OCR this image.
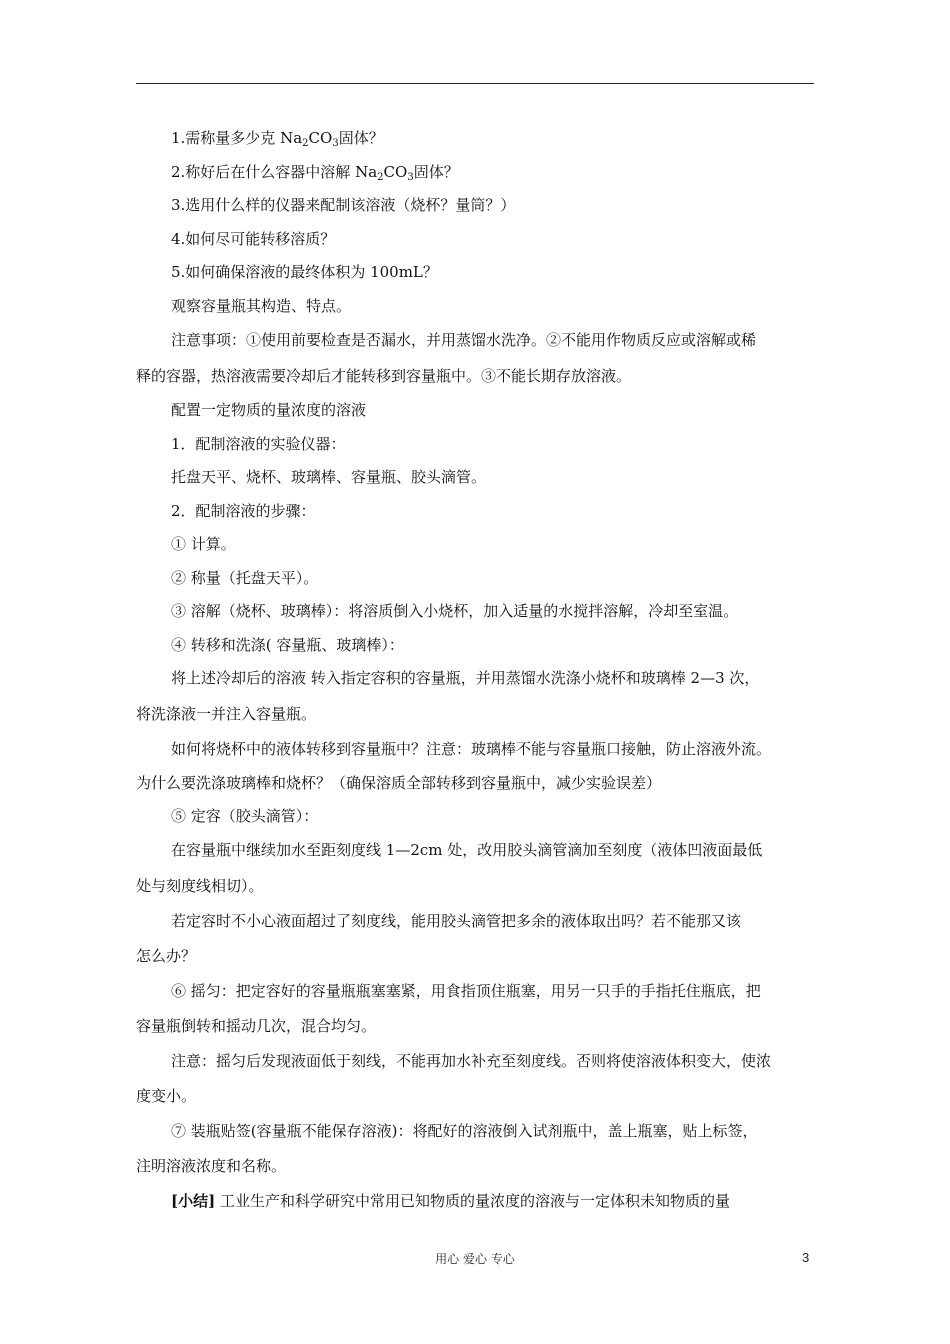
1.需称量多少克 $Na_2CO_3$固体？
2.称好后在什么容器中溶解 $Na_2CO_3$固体？
3.选用什么样的仪器来配制该溶液（烧杯？量筒？）
4.如何尽可能转移溶质？
5.如何确保溶液的最终体积为 100mL？
观察容量瓶其构造、特点。
注意事项：①使用前要检查是否漏水，并用蒸馏水洗净。②不能用作物质反应或溶解或稀
释的容器，热溶液需要冷却后才能转移到容量瓶中。③不能长期存放溶液。
配置一定物质的量浓度的溶液
1．配制溶液的实验仪器：
托盘天平、烧杯、玻璃棒、容量瓶、胶头滴管。
2．配制溶液的步骤：
① 计算。
② 称量（托盘天平）。
③ 溶解（烧杯、玻璃棒）：将溶质倒入小烧杯，加入适量的水搅拌溶解，冷却至室温。
④ 转移和洗涤( 容量瓶、玻璃棒）：
将上述冷却后的溶液 转入指定容积的容量瓶，并用蒸馏水洗涤小烧杯和玻璃棒 2—3 次，
将洗涤液一并注入容量瓶。
如何将烧杯中的液体转移到容量瓶中？注意：玻璃棒不能与容量瓶口接触，防止溶液外流。
为什么要洗涤玻璃棒和烧杯？（确保溶质全部转移到容量瓶中，减少实验误差）
⑤ 定容（胶头滴管）：
在容量瓶中继续加水至距刻度线 1—2cm 处，改用胶头滴管滴加至刻度（液体凹液面最低
处与刻度线相切）。
若定容时不小心液面超过了刻度线，能用胶头滴管把多余的液体取出吗？若不能那又该
怎么办？
⑥ 摇匀：把定容好的容量瓶瓶塞塞紧，用食指顶住瓶塞，用另一只手的手指托住瓶底，把
容量瓶倒转和摇动几次，混合均匀。
注意：摇匀后发现液面低于刻线，不能再加水补充至刻度线。否则将使溶液体积变大，使浓
度变小。
⑦ 装瓶贴签(容量瓶不能保存溶液)：将配好的溶液倒入试剂瓶中，盖上瓶塞，贴上标签，
注明溶液浓度和名称。
[小结] 工业生产和科学研究中常用已知物质的量浓度的溶液与一定体积未知物质的量
用心 爱心 专心	3
